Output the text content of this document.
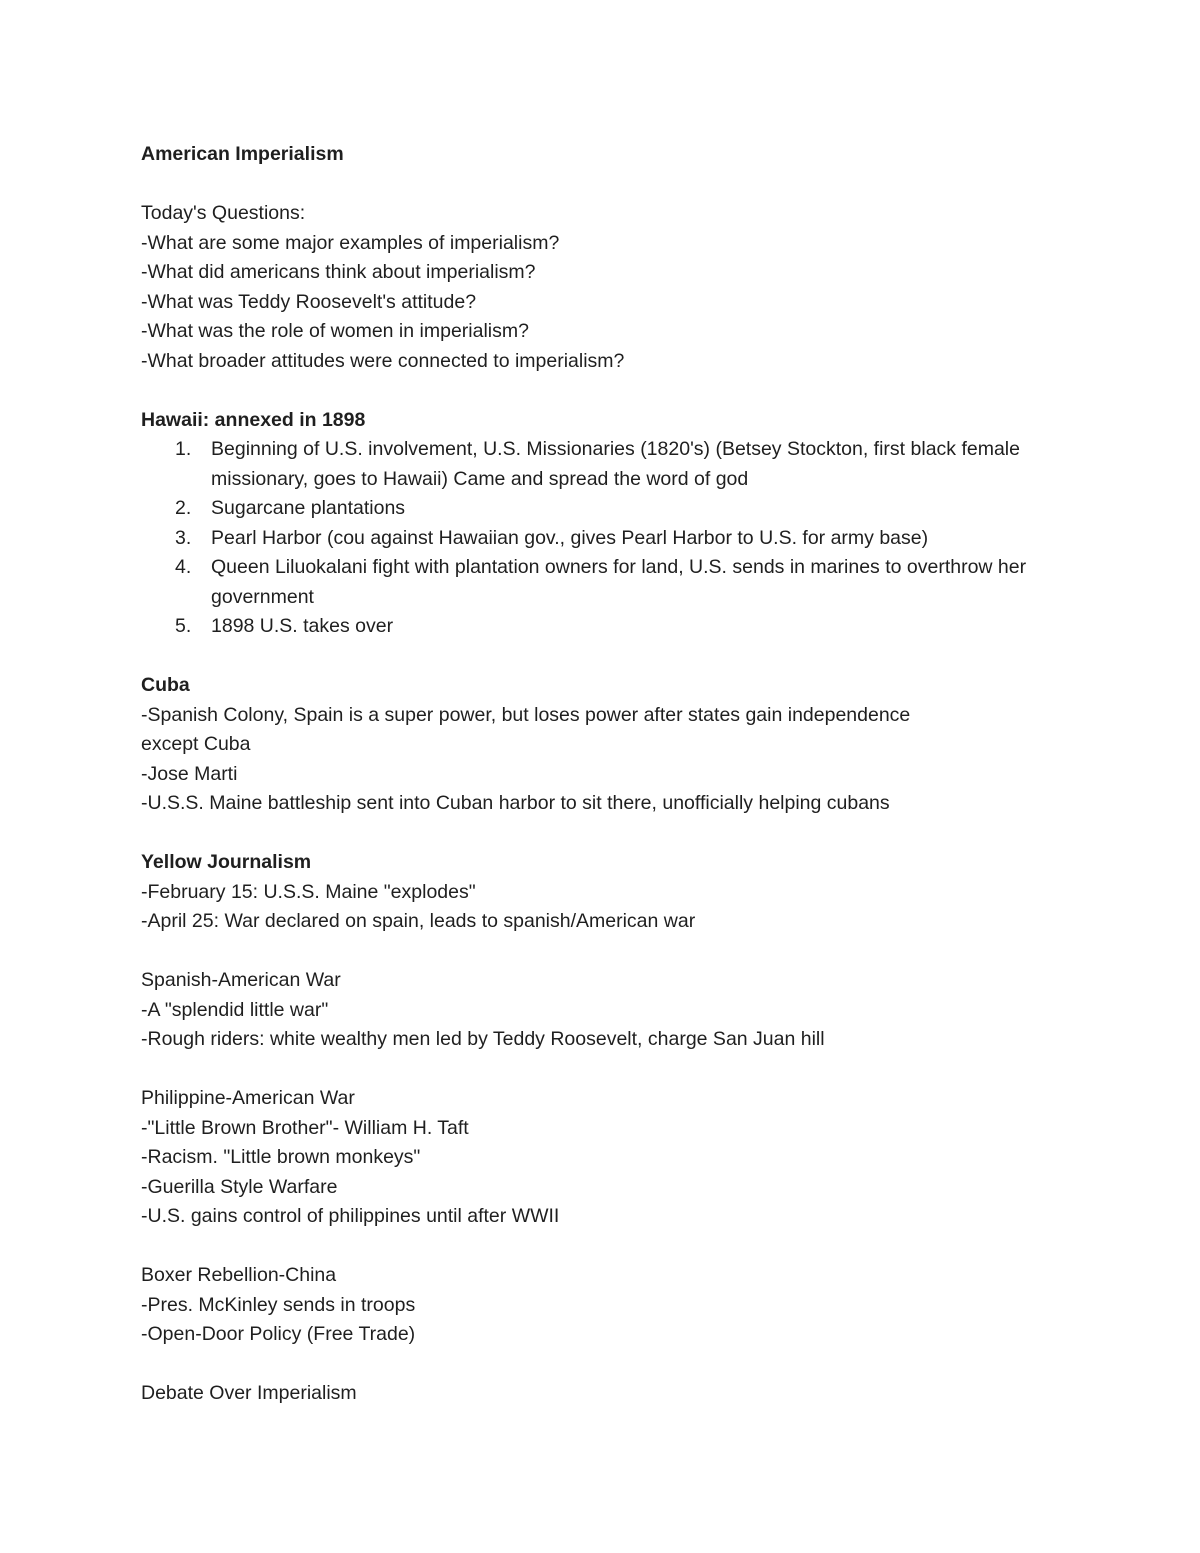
American Imperialism

Today's Questions:

-What are some major examples of imperialism?

-What did americans think about imperialism?

-What was Teddy Roosevelt's attitude?

-What was the role of women in imperialism?

-What broader attitudes were connected to imperialism?

Hawaii: annexed in 1898

1. Beginning of U.S. involvement, U.S. Missionaries (1820's) (Betsey Stockton, first black female missionary, goes to Hawaii) Came and spread the word of god
2. Sugarcane plantations
3. Pearl Harbor (cou against Hawaiian gov., gives Pearl Harbor to U.S. for army base)
4. Queen Liluokalani fight with plantation owners for land, U.S. sends in marines to overthrow her government
5. 1898 U.S. takes over

Cuba

-Spanish Colony, Spain is a super power, but loses power after states gain independence

except Cuba

-Jose Marti

-U.S.S. Maine battleship sent into Cuban harbor to sit there, unofficially helping cubans

Yellow Journalism

-February 15: U.S.S. Maine "explodes"

-April 25: War declared on spain, leads to spanish/American war

Spanish-American War

-A "splendid little war"

-Rough riders: white wealthy men led by Teddy Roosevelt, charge San Juan hill

Philippine-American War

-"Little Brown Brother"- William H. Taft

-Racism. "Little brown monkeys"

-Guerilla Style Warfare

-U.S. gains control of philippines until after WWII

Boxer Rebellion-China

-Pres. McKinley sends in troops

-Open-Door Policy (Free Trade)

Debate Over Imperialism
